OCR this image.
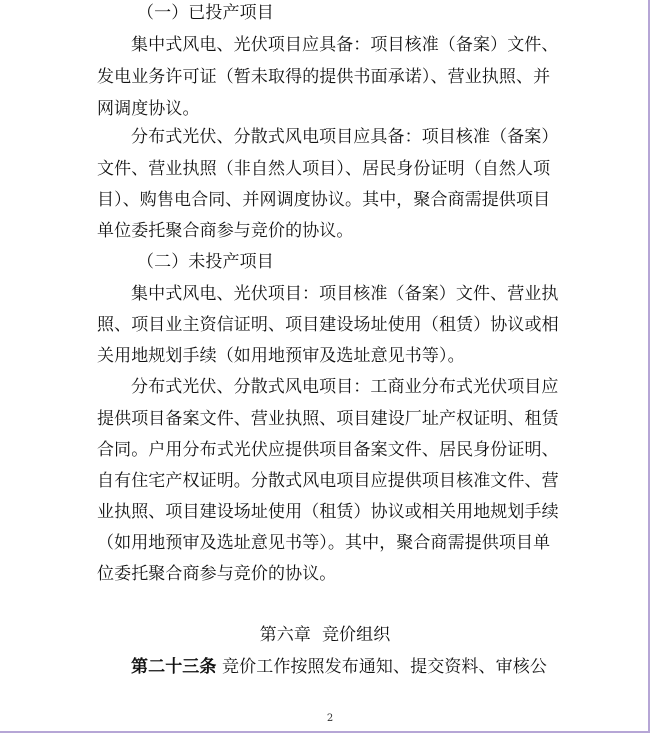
（一）已投产项目
集中式风电、光伏项目应具备：项目核准（备案）文件、
发电业务许可证（暂未取得的提供书面承诺）、营业执照、并
网调度协议。
分布式光伏、分散式风电项目应具备：项目核准（备案）
文件、营业执照（非自然人项目）、居民身份证明（自然人项
目）、购售电合同、并网调度协议。其中，聚合商需提供项目
单位委托聚合商参与竞价的协议。
（二）未投产项目
集中式风电、光伏项目：项目核准（备案）文件、营业执
照、项目业主资信证明、项目建设场址使用（租赁）协议或相
关用地规划手续（如用地预审及选址意见书等）。
分布式光伏、分散式风电项目：工商业分布式光伏项目应
提供项目备案文件、营业执照、项目建设厂址产权证明、租赁
合同。户用分布式光伏应提供项目备案文件、居民身份证明、
自有住宅产权证明。分散式风电项目应提供项目核准文件、营
业执照、项目建设场址使用（租赁）协议或相关用地规划手续
（如用地预审及选址意见书等）。其中，聚合商需提供项目单
位委托聚合商参与竞价的协议。
第六章  竞价组织
第二十三条 竞价工作按照发布通知、提交资料、审核公
2
